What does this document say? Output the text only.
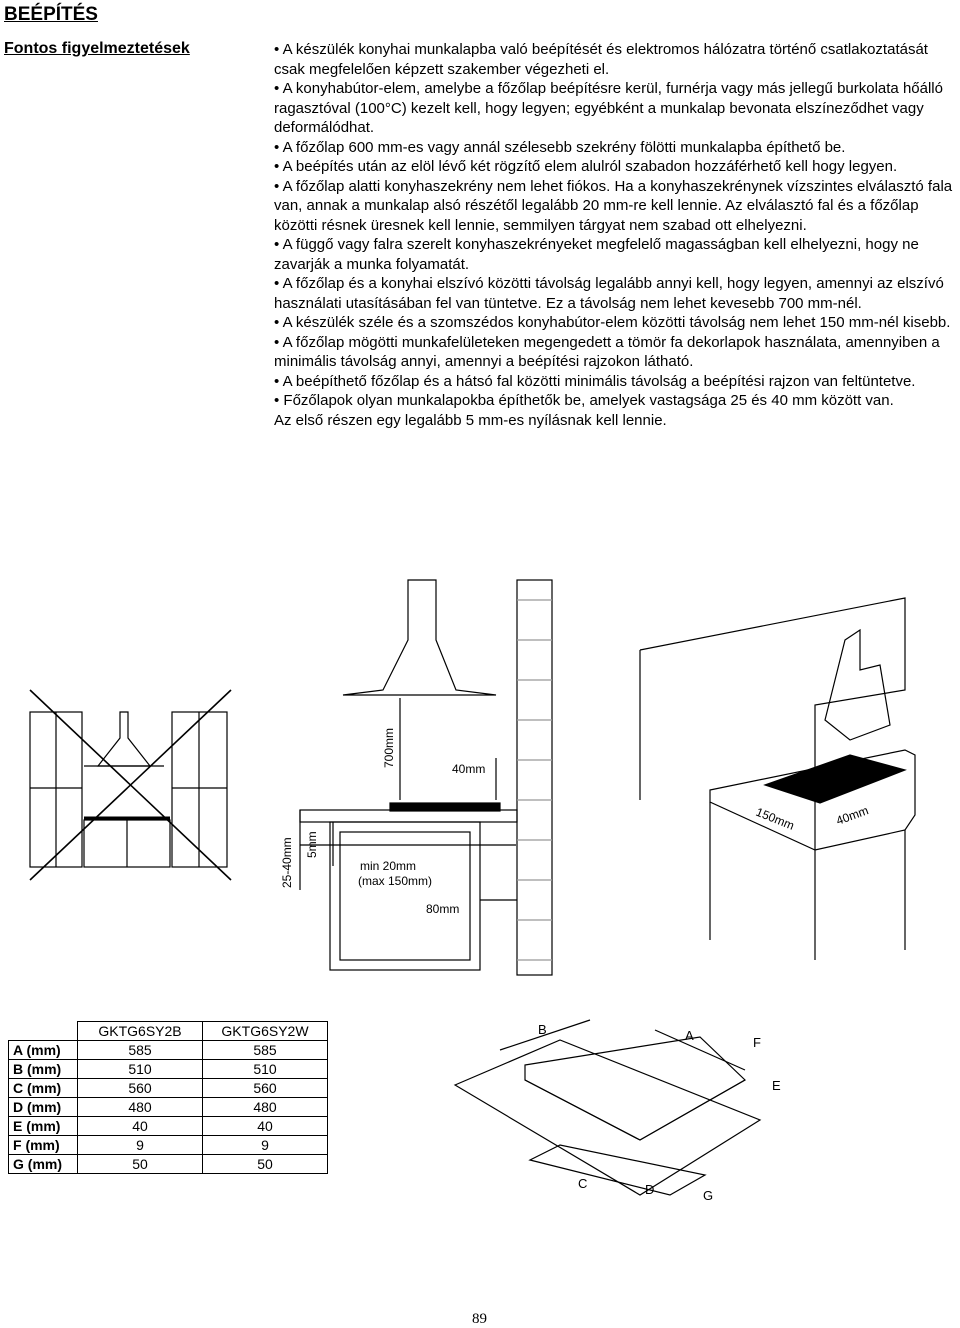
BEÉPÍTÉS
Fontos figyelmeztetések	• A készülék konyhai munkalapba való beépítését és elektromos hálózatra történő csatlakoztatását csak megfelelően képzett szakember végezheti el.
• A konyhabútor-elem, amelybe a főzőlap beépítésre kerül, furnérja vagy más jellegű burkolata hőálló ragasztóval (100°C) kezelt kell, hogy legyen; egyébként a munkalap bevonata elszíneződhet vagy deformálódhat.
• A főzőlap 600 mm-es vagy annál szélesebb szekrény fölötti munkalapba építhető be.
• A beépítés után az elöl lévő két rögzítő elem alulról szabadon hozzáférhető kell hogy legyen.
• A főzőlap alatti konyhaszekrény nem lehet fiókos. Ha a konyhaszekrénynek vízszintes elválasztó fala van, annak a munkalap alsó részétől legalább 20 mm-re kell lennie. Az elválasztó fal és a főzőlap közötti résnek üresnek kell lennie, semmilyen tárgyat nem szabad ott elhelyezni.
• A függő vagy falra szerelt konyhaszekrényeket megfelelő magasságban kell elhelyezni, hogy ne zavarják a munka folyamatát.
• A főzőlap és a konyhai elszívó közötti távolság legalább annyi kell, hogy legyen, amennyi az elszívó használati utasításában fel van tüntetve. Ez a távolság nem lehet kevesebb 700 mm-nél.
• A készülék széle és a szomszédos konyhabútor-elem közötti távolság nem lehet 150 mm-nél kisebb.
• A főzőlap mögötti munkafelületeken megengedett a tömör fa dekorlapok használata, amennyiben a minimális távolság annyi, amennyi a beépítési rajzokon látható.
• A beépíthető főzőlap és a hátsó fal közötti minimális távolság a beépítési rajzon van feltüntetve.
• Főzőlapok olyan munkalapokba építhetők be, amelyek vastagsága 25 és 40 mm között van.
Az első részen egy legalább 5 mm-es nyílásnak kell lennie.
700mm
40mm
25-40mm 5mm
min 20mm
(max 150mm)
80mm
150mm	40mm
B	A	F
E
C	D	G
	GKTG6SY2B	GKTG6SY2W
A (mm)	585	585
B (mm)	510	510
C (mm)	560	560
D (mm)	480	480
E (mm)	40	40
F (mm)	9	9
G (mm)	50	50
89
